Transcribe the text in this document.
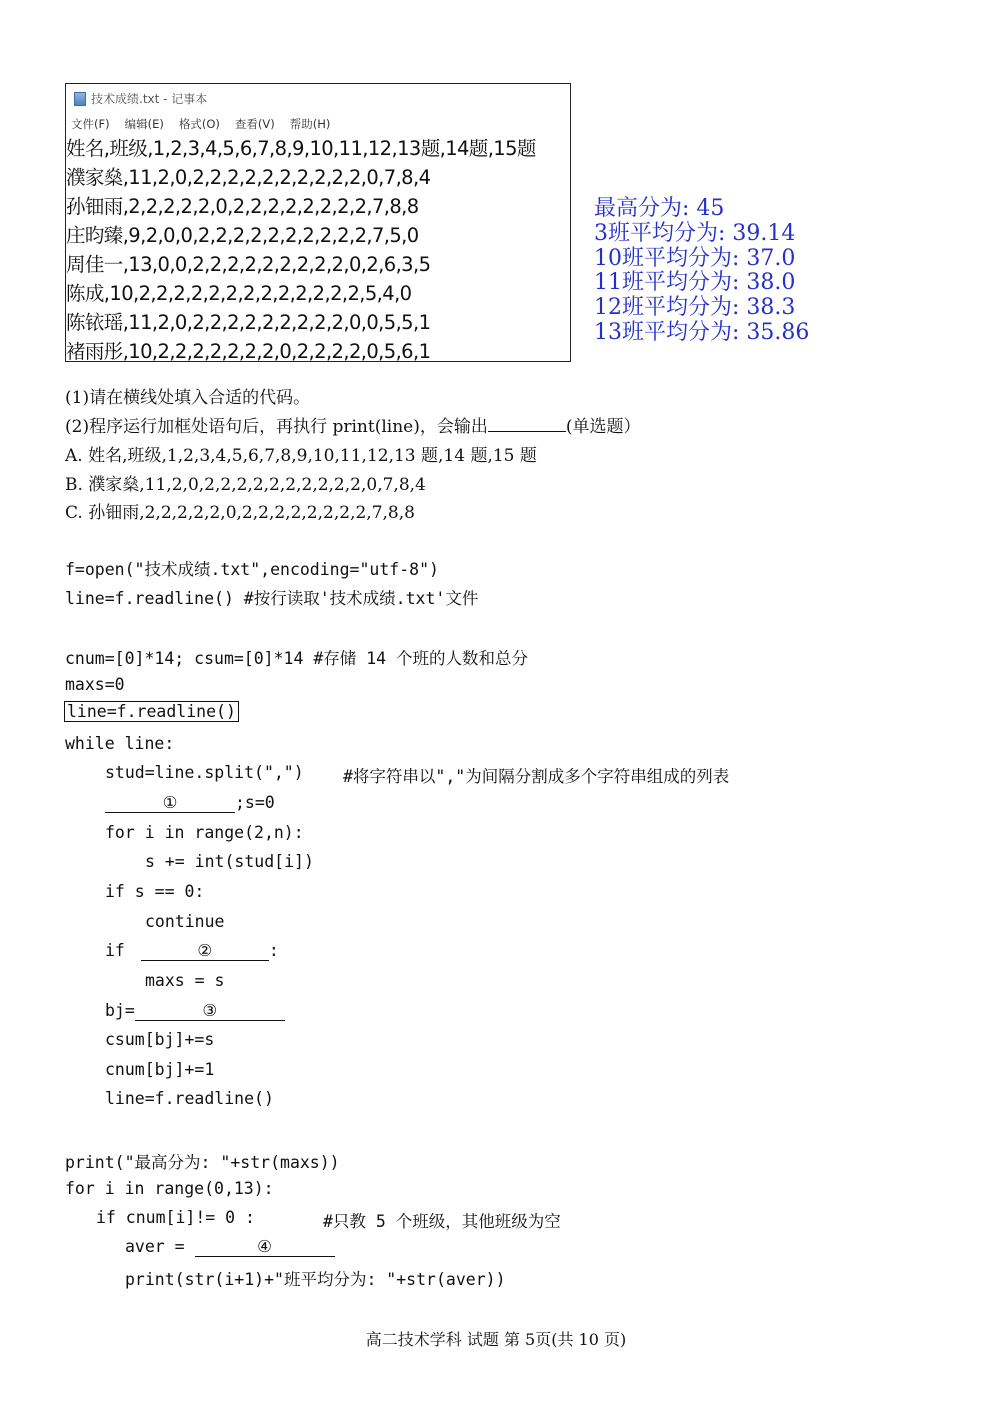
技术成绩.txt - 记事本
文件(F) 编辑(E) 格式(O) 查看(V) 帮助(H)
姓名,班级,1,2,3,4,5,6,7,8,9,10,11,12,13题,14题,15题
濮家燊,11,2,0,2,2,2,2,2,2,2,2,2,2,0,7,8,4
孙钿雨,2,2,2,2,2,0,2,2,2,2,2,2,2,2,7,8,8
庄昀臻,9,2,0,0,2,2,2,2,2,2,2,2,2,2,7,5,0
周佳一,13,0,0,2,2,2,2,2,2,2,2,2,0,2,6,3,5
陈成,10,2,2,2,2,2,2,2,2,2,2,2,2,2,5,4,0
陈铱瑶,11,2,0,2,2,2,2,2,2,2,2,2,0,0,5,5,1
褚雨彤,10,2,2,2,2,2,2,2,0,2,2,2,2,0,5,6,1
最高分为: 45
3班平均分为: 39.14
10班平均分为: 37.0
11班平均分为: 38.0
12班平均分为: 38.3
13班平均分为: 35.86
(1)请在横线处填入合适的代码。
(2)程序运行加框处语句后，再执行 print(line)，会输出	(单选题）
A. 姓名,班级,1,2,3,4,5,6,7,8,9,10,11,12,13 题,14 题,15 题
B. 濮家燊,11,2,0,2,2,2,2,2,2,2,2,2,2,0,7,8,4
C. 孙钿雨,2,2,2,2,2,0,2,2,2,2,2,2,2,2,7,8,8
f=open("技术成绩.txt",encoding="utf-8")
line=f.readline() #按行读取'技术成绩.txt'文件
cnum=[0]*14; csum=[0]*14 #存储 14 个班的人数和总分
maxs=0
line=f.readline()
while line:
stud=line.split(",") #将字符串以","为间隔分割成多个字符串组成的列表
①	;s=0
for i in range(2,n):
s += int(stud[i])
if s == 0:
continue
if	②	:
maxs = s
bj=	③
csum[bj]+=s
cnum[bj]+=1
line=f.readline()
print("最高分为: "+str(maxs))
for i in range(0,13):
if cnum[i]!= 0 :	#只教 5 个班级，其他班级为空
aver =	④
print(str(i+1)+"班平均分为: "+str(aver))
高二技术学科 试题 第 5页(共 10 页)
